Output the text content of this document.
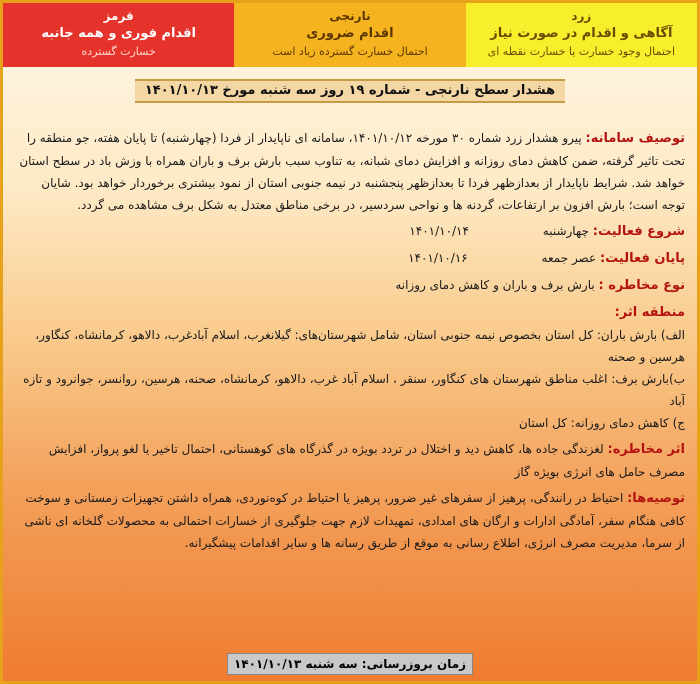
قرمز
اقدام فوری و همه جانبه
خسارت گسترده
نارنجی
اقدام ضروری
احتمال خسارت گسترده زیاد است
زرد
آگاهی و اقدام در صورت نیاز
احتمال وجود خسارت یا خسارت نقطه ای
هشدار سطح نارنجی - شماره ۱۹ روز سه شنبه مورخ ۱۴۰۱/۱۰/۱۳

توصیف سامانه: پیرو هشدار زرد شماره ۳۰ مورخه ۱۴۰۱/۱۰/۱۲، سامانه ای ناپایدار از فردا (چهارشنبه) تا پایان هفته، جو منطقه را تحت تاثیر گرفته، ضمن کاهش دمای روزانه و افزایش دمای شبانه، به تناوب سبب بارش برف و باران همراه با وزش باد در سطح استان خواهد شد. شرایط ناپایدار از بعدازظهر فردا تا بعدازظهر پنجشنبه در نیمه جنوبی استان از نمود بیشتری برخوردار خواهد بود. شایان توجه است؛ بارش افزون بر ارتفاعات، گردنه ها و نواحی سردسیر، در برخی مناطق معتدل به شکل برف مشاهده می گردد.

شروع فعالیت: چهارشنبه ۱۴۰۱/۱۰/۱۴

پایان فعالیت: عصر جمعه ۱۴۰۱/۱۰/۱۶

نوع مخاطره : بارش برف و باران و کاهش دمای روزانه

منطقه اثر:

الف) بارش باران: کل استان بخصوص نیمه جنوبی استان، شامل شهرستان‌های: گیلانغرب، اسلام آبادغرب، دالاهو، کرمانشاه، کنگاور، هرسین و صحنه

ب)بارش برف: اغلب مناطق شهرستان های کنگاور، سنقر ، اسلام آباد غرب، دالاهو، کرمانشاه، صحنه، هرسین، روانسر، جوانرود و تازه آباد

ج) کاهش دمای روزانه: کل استان

اثر مخاطره: لغزندگی جاده ها، کاهش دید و اختلال در تردد بویژه در گذرگاه های کوهستانی، احتمال تاخیر یا لغو پرواز، افزایش مصرف حامل های انرژی بویژه گاز

توصیه‌ها: احتیاط در رانندگی، پرهیز از سفرهای غیر ضرور، پرهیز یا احتیاط در کوه‌نوردی، همراه داشتن تجهیزات زمستانی و سوخت کافی هنگام سفر، آمادگی ادارات و ارگان های امدادی، تمهیدات لازم جهت جلوگیری از خسارات احتمالی به محصولات گلخانه ای ناشی از سرما، مدیریت مصرف انرژی، اطلاع رسانی به موقع از طریق رسانه ها و سایر اقدامات پیشگیرانه.

زمان بروزرسانی: سه شنبه ۱۴۰۱/۱۰/۱۳
